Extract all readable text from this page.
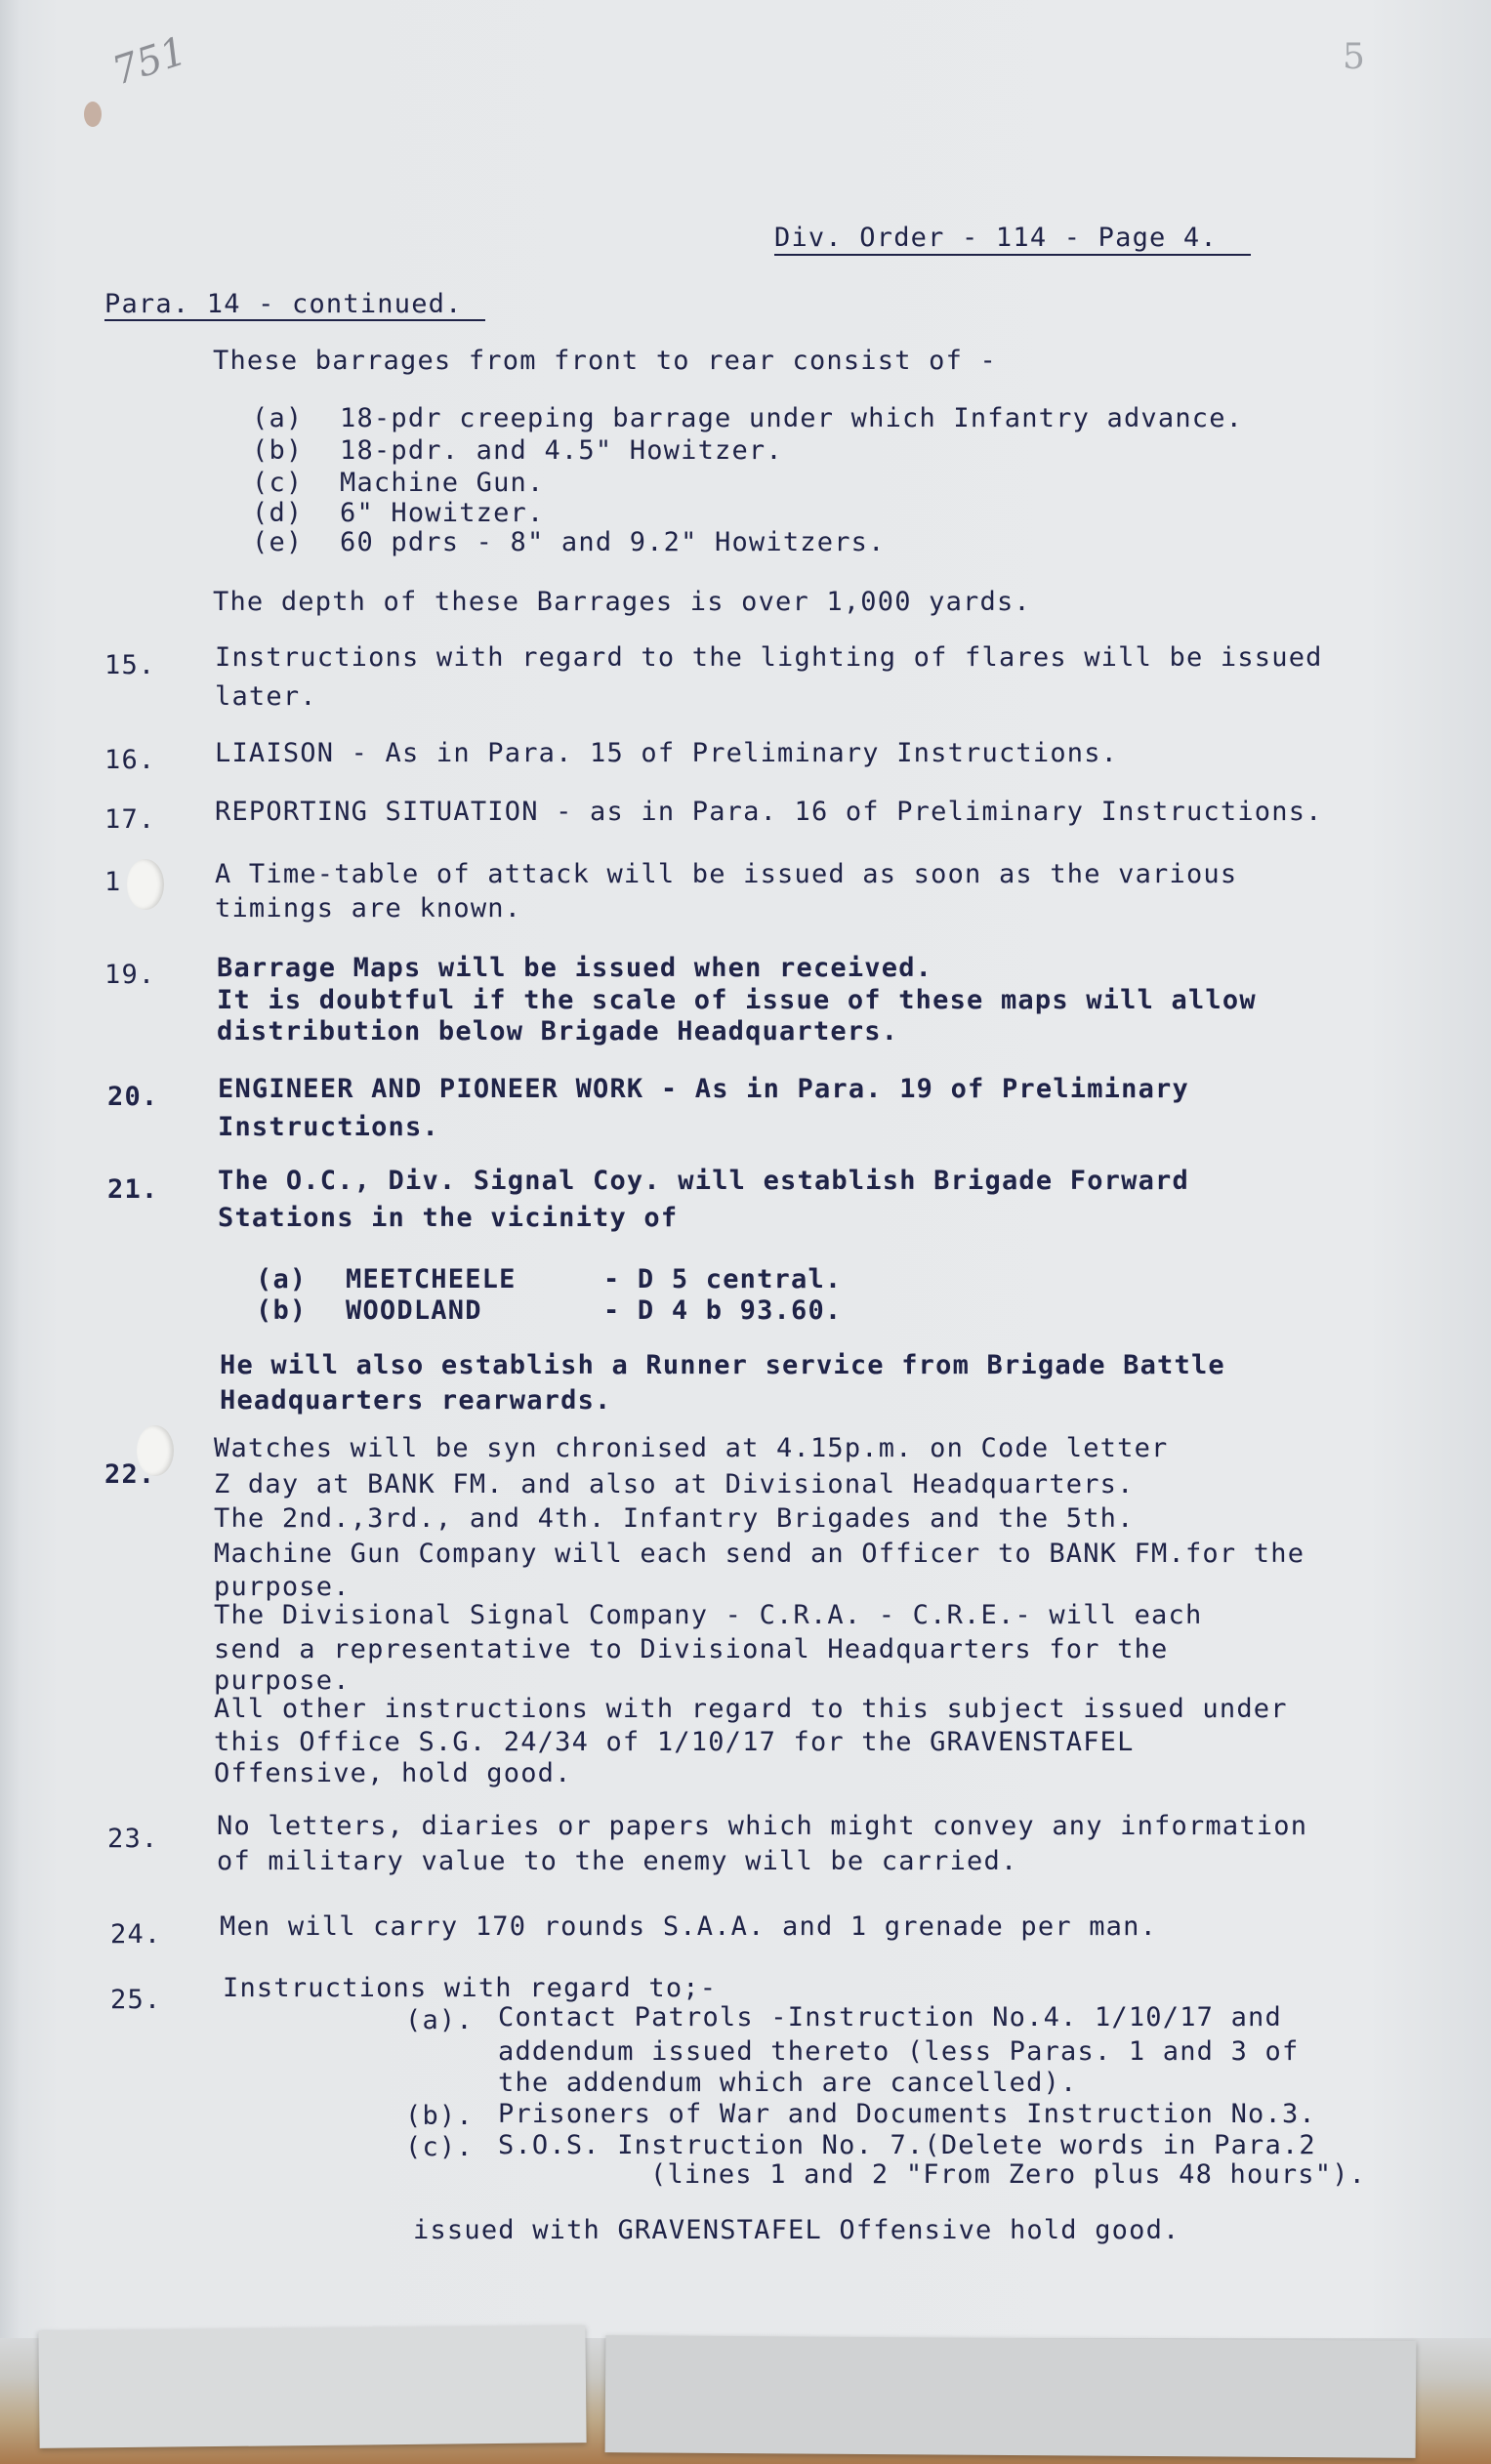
751	5
Div. Order - 114 - Page 4.
Para. 14 - continued.
These barrages from front to rear consist of -
(a) 18-pdr creeping barrage under which Infantry advance.
(b) 18-pdr. and 4.5" Howitzer.
(c) Machine Gun.
(d) 6" Howitzer.
(e) 60 pdrs - 8" and 9.2" Howitzers.
The depth of these Barrages is over 1,000 yards.
15. Instructions with regard to the lighting of flares will be issued
later.
16. LIAISON - As in Para. 15 of Preliminary Instructions.
17. REPORTING SITUATION - as in Para. 16 of Preliminary Instructions.
1	A Time-table of attack will be issued as soon as the various
timings are known.
19. Barrage Maps will be issued when received.
It is doubtful if the scale of issue of these maps will allow
distribution below Brigade Headquarters.
20. ENGINEER AND PIONEER WORK - As in Para. 19 of Preliminary
Instructions.
21. The O.C., Div. Signal Coy. will establish Brigade Forward
Stations in the vicinity of
(a) MEETCHEELE	- D 5 central.
(b) WOODLAND	- D 4 b 93.60.
He will also establish a Runner service from Brigade Battle
Headquarters rearwards.
22.
Watches will be syn chronised at 4.15p.m. on Code letter
Z day at BANK FM. and also at Divisional Headquarters.
The 2nd.,3rd., and 4th. Infantry Brigades and the 5th.
Machine Gun Company will each send an Officer to BANK FM.for the
purpose.
The Divisional Signal Company - C.R.A. - C.R.E.- will each
send a representative to Divisional Headquarters for the
purpose.
All other instructions with regard to this subject issued under
this Office S.G. 24/34 of 1/10/17 for the GRAVENSTAFEL
Offensive, hold good.
23. No letters, diaries or papers which might convey any information
of military value to the enemy will be carried.
24. Men will carry 170 rounds S.A.A. and 1 grenade per man.
25. Instructions with regard to;-
(a). Contact Patrols -Instruction No.4. 1/10/17 and
addendum issued thereto (less Paras. 1 and 3 of
the addendum which are cancelled).
(b). Prisoners of War and Documents Instruction No.3.
(c). S.O.S. Instruction No. 7.(Delete words in Para.2
(lines 1 and 2 "From Zero plus 48 hours").
issued with GRAVENSTAFEL Offensive hold good.
